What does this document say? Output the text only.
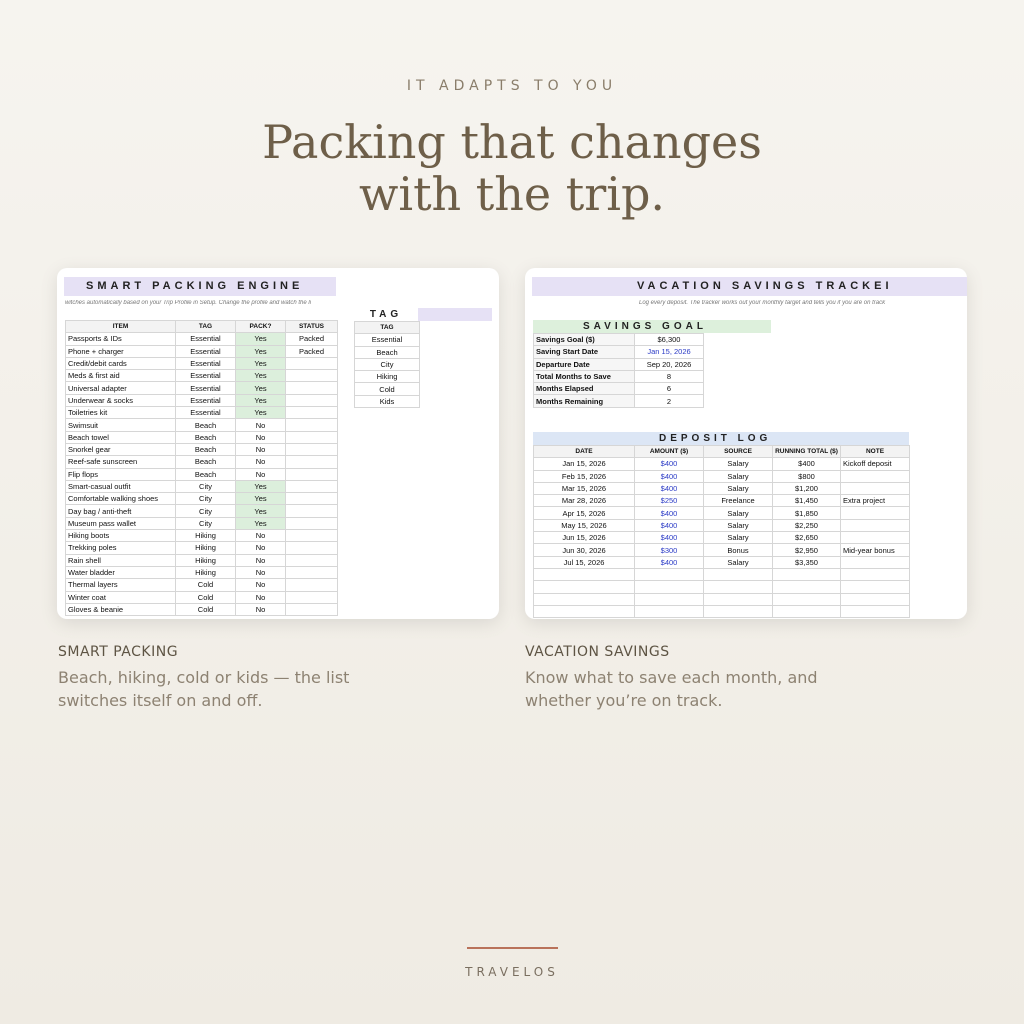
IT ADAPTS TO YOU
Packing that changes
with the trip.
SMART PACKING ENGINE
witches automatically based on your Trip Profile in Setup. Change the profile and watch the li
ITEM	TAG	PACK?	STATUS
Passports & IDs	Essential	Yes	Packed
Phone + charger	Essential	Yes	Packed
Credit/debit cards	Essential	Yes	
Meds & first aid	Essential	Yes	
Universal adapter	Essential	Yes	
Underwear & socks	Essential	Yes	
Toiletries kit	Essential	Yes	
Swimsuit	Beach	No	
Beach towel	Beach	No	
Snorkel gear	Beach	No	
Reef-safe sunscreen	Beach	No	
Flip flops	Beach	No	
Smart-casual outfit	City	Yes	
Comfortable walking shoes	City	Yes	
Day bag / anti-theft	City	Yes	
Museum pass wallet	City	Yes	
Hiking boots	Hiking	No	
Trekking poles	Hiking	No	
Rain shell	Hiking	No	
Water bladder	Hiking	No	
Thermal layers	Cold	No	
Winter coat	Cold	No	
Gloves & beanie	Cold	No	
TAG
TAG
Essential
Beach
City
Hiking
Cold
Kids
VACATION SAVINGS TRACKEI
Log every deposit. The tracker works out your monthly target and tells you if you are on track
SAVINGS GOAL
Savings Goal ($)	$6,300
Saving Start Date	Jan 15, 2026
Departure Date	Sep 20, 2026
Total Months to Save	8
Months Elapsed	6
Months Remaining	2
DEPOSIT LOG
DATE	AMOUNT ($)	SOURCE	RUNNING TOTAL ($)	NOTE
Jan 15, 2026	$400	Salary	$400	Kickoff deposit
Feb 15, 2026	$400	Salary	$800	
Mar 15, 2026	$400	Salary	$1,200	
Mar 28, 2026	$250	Freelance	$1,450	Extra project
Apr 15, 2026	$400	Salary	$1,850	
May 15, 2026	$400	Salary	$2,250	
Jun 15, 2026	$400	Salary	$2,650	
Jun 30, 2026	$300	Bonus	$2,950	Mid-year bonus
Jul 15, 2026	$400	Salary	$3,350	

SMART PACKING

Beach, hiking, cold or kids — the list
switches itself on and off.

VACATION SAVINGS

Know what to save each month, and
whether you’re on track.

TRAVELOS
